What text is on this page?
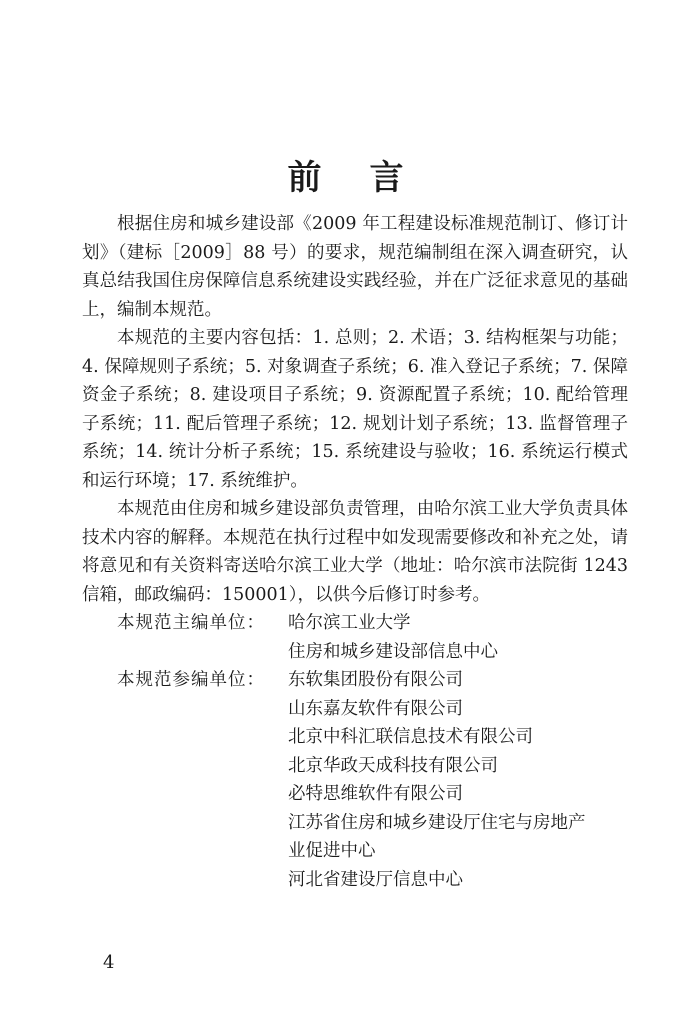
前 言

根据住房和城乡建设部《2009 年工程建设标准规范制订、修订计划》（建标［2009］88 号）的要求，规范编制组在深入调查研究，认真总结我国住房保障信息系统建设实践经验，并在广泛征求意见的基础上，编制本规范。

本规范的主要内容包括：1. 总则；2. 术语；3. 结构框架与功能；4. 保障规则子系统；5. 对象调查子系统；6. 准入登记子系统；7. 保障资金子系统；8. 建设项目子系统；9. 资源配置子系统；10. 配给管理子系统；11. 配后管理子系统；12. 规划计划子系统；13. 监督管理子系统；14. 统计分析子系统；15. 系统建设与验收；16. 系统运行模式和运行环境；17. 系统维护。

本规范由住房和城乡建设部负责管理，由哈尔滨工业大学负责具体技术内容的解释。本规范在执行过程中如发现需要修改和补充之处，请将意见和有关资料寄送哈尔滨工业大学（地址：哈尔滨市法院街 1243 信箱，邮政编码：150001），以供今后修订时参考。

本规范主编单位：	哈尔滨工业大学
住房和城乡建设部信息中心
本规范参编单位：	东软集团股份有限公司
山东嘉友软件有限公司
北京中科汇联信息技术有限公司
北京华政天成科技有限公司
必特思维软件有限公司
江苏省住房和城乡建设厅住宅与房地产
业促进中心
河北省建设厅信息中心
4
